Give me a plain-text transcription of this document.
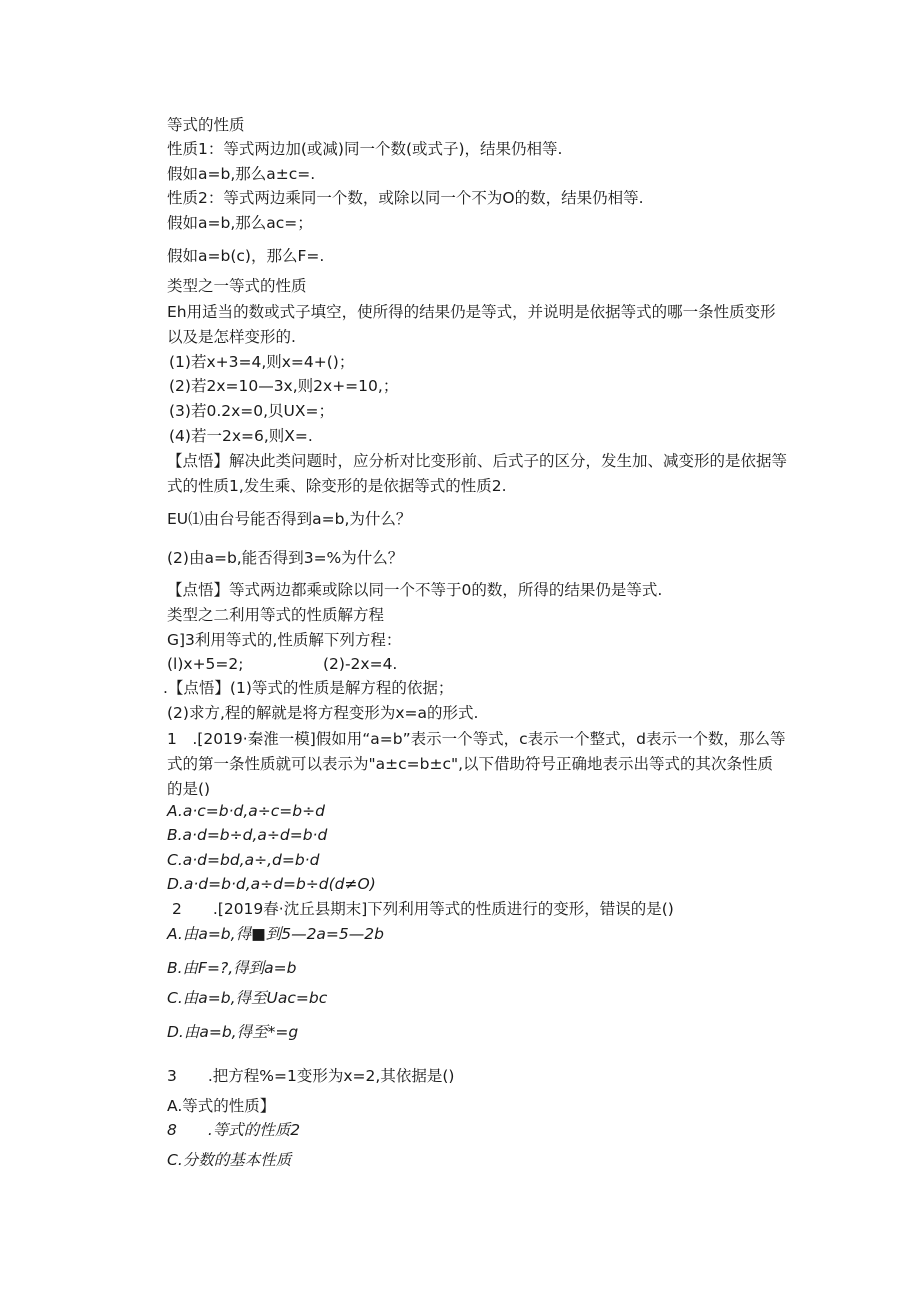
等式的性质
性质1：等式两边加(或减)同一个数(或式子)，结果仍相等.
假如a=b,那么a±c=.
性质2：等式两边乘同一个数，或除以同一个不为O的数，结果仍相等.
假如a=b,那么ac=；
假如a=b(c)，那么F=.
类型之一等式的性质
Eh用适当的数或式子填空，使所得的结果仍是等式，并说明是依据等式的哪一条性质变形以及是怎样变形的.
(1)若x+3=4,则x=4+()；
(2)若2x=10—3x,则2x+=10,；
(3)若0.2x=0,贝UX=；
(4)若一2x=6,则X=.
【点悟】解决此类问题时，应分析对比变形前、后式子的区分，发生加、减变形的是依据等式的性质1,发生乘、除变形的是依据等式的性质2.
EU⑴由台号能否得到a=b,为什么？
(2)由a=b,能否得到3=%为什么？
【点悟】等式两边都乘或除以同一个不等于0的数，所得的结果仍是等式.
类型之二利用等式的性质解方程
G]3利用等式的,性质解下列方程：
(l)x+5=2;	(2)-2x=4.
.【点悟】(1)等式的性质是解方程的依据；
(2)求方,程的解就是将方程变形为x=a的形式.
1　.[2019·秦淮一模]假如用“a=b”表示一个等式，c表示一个整式，d表示一个数，那么等式的第一条性质就可以表示为"a±c=b±c",以下借助符号正确地表示出等式的其次条性质的是()
A.a·c=b·d,a÷c=b÷d
B.a·d=b÷d,a÷d=b·d
C.a·d=bd,a÷,d=b·d
D.a·d=b·d,a÷d=b÷d(d≠O)
2　　.[2019春·沈丘县期末]下列利用等式的性质进行的变形，错误的是()
A.由a=b,得■到5—2a=5—2b
B.由F=?,得到a=b
C.由a=b,得至Uac=bc
D.由a=b,得至*=g
3　　.把方程%=1变形为x=2,其依据是()
A.等式的性质】
8　　.等式的性质2
C.分数的基本性质
